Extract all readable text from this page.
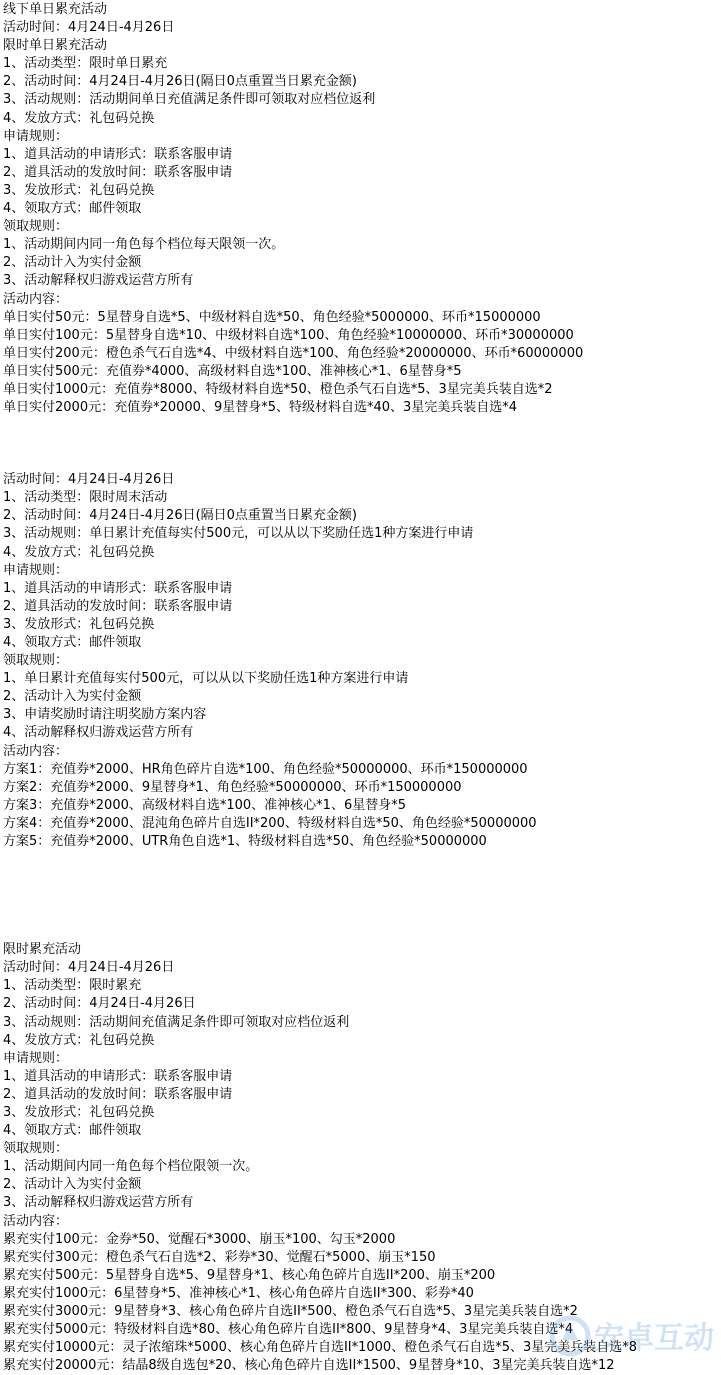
线下单日累充活动
活动时间：4月24日-4月26日
限时单日累充活动
1、活动类型：限时单日累充
2、活动时间：4月24日-4月26日(隔日0点重置当日累充金额)
3、活动规则：活动期间单日充值满足条件即可领取对应档位返利
4、发放方式：礼包码兑换
申请规则：
1、道具活动的申请形式：联系客服申请
2、道具活动的发放时间：联系客服申请
3、发放形式：礼包码兑换
4、领取方式：邮件领取
领取规则：
1、活动期间内同一角色每个档位每天限领一次。
2、活动计入为实付金额
3、活动解释权归游戏运营方所有
活动内容：
单日实付50元：5星替身自选*5、中级材料自选*50、角色经验*5000000、环币*15000000
单日实付100元：5星替身自选*10、中级材料自选*100、角色经验*10000000、环币*30000000
单日实付200元：橙色杀气石自选*4、中级材料自选*100、角色经验*20000000、环币*60000000
单日实付500元：充值券*4000、高级材料自选*100、准神核心*1、6星替身*5
单日实付1000元：充值券*8000、特级材料自选*50、橙色杀气石自选*5、3星完美兵装自选*2
单日实付2000元：充值券*20000、9星替身*5、特级材料自选*40、3星完美兵装自选*4
活动时间：4月24日-4月26日
1、活动类型：限时周末活动
2、活动时间：4月24日-4月26日(隔日0点重置当日累充金额)
3、活动规则：单日累计充值每实付500元，可以从以下奖励任选1种方案进行申请
4、发放方式：礼包码兑换
申请规则：
1、道具活动的申请形式：联系客服申请
2、道具活动的发放时间：联系客服申请
3、发放形式：礼包码兑换
4、领取方式：邮件领取
领取规则：
1、单日累计充值每实付500元，可以从以下奖励任选1种方案进行申请
2、活动计入为实付金额
3、申请奖励时请注明奖励方案内容
4、活动解释权归游戏运营方所有
活动内容：
方案1：充值券*2000、HR角色碎片自选*100、角色经验*50000000、环币*150000000
方案2：充值券*2000、9星替身*1、角色经验*50000000、环币*150000000
方案3：充值券*2000、高级材料自选*100、准神核心*1、6星替身*5
方案4：充值券*2000、混沌角色碎片自选II*200、特级材料自选*50、角色经验*50000000
方案5：充值券*2000、UTR角色自选*1、特级材料自选*50、角色经验*50000000
限时累充活动
活动时间：4月24日-4月26日
1、活动类型：限时累充
2、活动时间：4月24日-4月26日
3、活动规则：活动期间充值满足条件即可领取对应档位返利
4、发放方式：礼包码兑换
申请规则：
1、道具活动的申请形式：联系客服申请
2、道具活动的发放时间：联系客服申请
3、发放形式：礼包码兑换
4、领取方式：邮件领取
领取规则：
1、活动期间内同一角色每个档位限领一次。
2、活动计入为实付金额
3、活动解释权归游戏运营方所有
活动内容：
累充实付100元：金券*50、觉醒石*3000、崩玉*100、勾玉*2000
累充实付300元：橙色杀气石自选*2、彩券*30、觉醒石*5000、崩玉*150
累充实付500元：5星替身自选*5、9星替身*1、核心角色碎片自选II*200、崩玉*200
累充实付1000元：6星替身*5、准神核心*1、核心角色碎片自选II*300、彩券*40
累充实付3000元：9星替身*3、核心角色碎片自选II*500、橙色杀气石自选*5、3星完美兵装自选*2
累充实付5000元：特级材料自选*80、核心角色碎片自选II*800、9星替身*4、3星完美兵装自选*4
累充实付10000元：灵子浓缩珠*5000、核心角色碎片自选II*1000、橙色杀气石自选*5、3星完美兵装自选*8
累充实付20000元：结晶8级自选包*20、核心角色碎片自选II*1500、9星替身*10、3星完美兵装自选*12
安卓互动
